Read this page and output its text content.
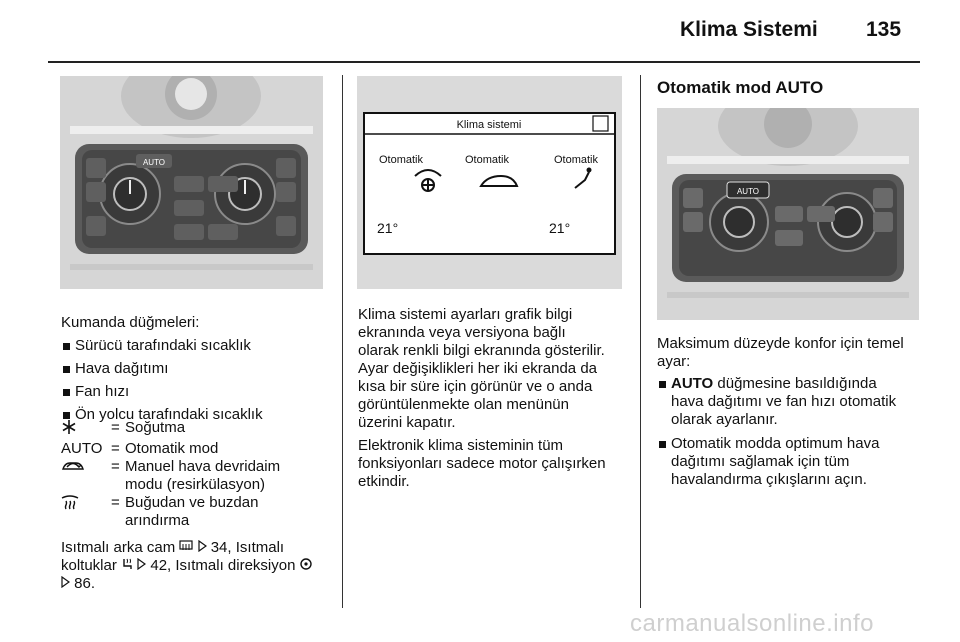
Klima Sistemi 135
AUTO
Kumanda düğmeleri:
Sürücü tarafındaki sıcaklık
Hava dağıtımı
Fan hızı
Ön yolcu tarafındaki sıcaklık
= Soğutma
AUTO = Otomatik mod
= Manuel hava devridaim
modu (resirkülasyon)
= Buğudan ve buzdan
arındırma
Isıtmalı arka cam 34, Isıtmalı
koltuklar 42, Isıtmalı direksiyon
86.
Klima sistemi
Otomatik	Otomatik	Otomatik
21°	21°
Klima sistemi ayarları grafik bilgi
ekranında veya versiyona bağlı
olarak renkli bilgi ekranında gösterilir.
Ayar değişiklikleri her iki ekranda da
kısa bir süre için görünür ve o anda
görüntülenmekte olan menünün
üzerini kapatır.
Elektronik klima sisteminin tüm
fonksiyonları sadece motor çalışırken
etkindir.
Otomatik mod AUTO
AUTO
Maksimum düzeyde konfor için temel
ayar:
AUTO düğmesine basıldığında
hava dağıtımı ve fan hızı otomatik
olarak ayarlanır.
Otomatik modda optimum hava
dağıtımı sağlamak için tüm
havalandırma çıkışlarını açın.
carmanualsonline.info
